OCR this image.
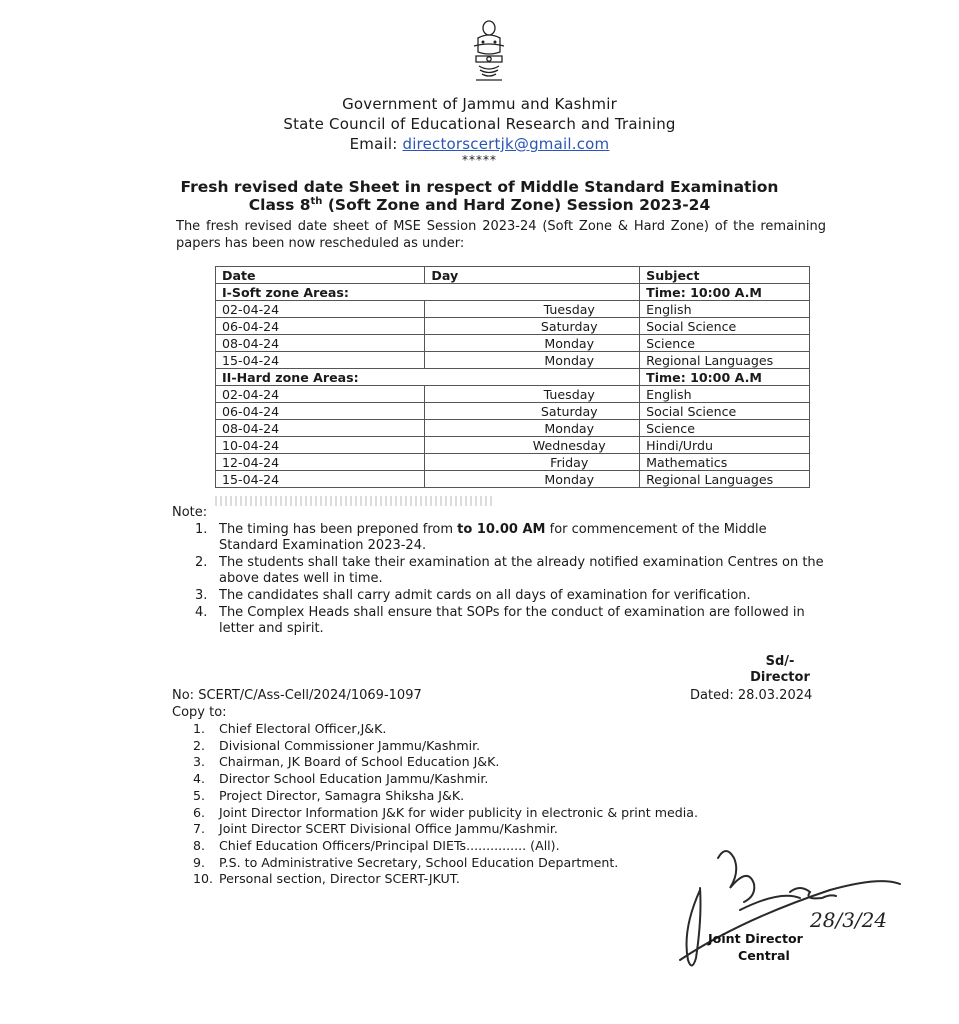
Government of Jammu and Kashmir
State Council of Educational Research and Training
Email: directorscertjk@gmail.com
*****
Fresh revised date Sheet in respect of Middle Standard Examination
Class 8th (Soft Zone and Hard Zone) Session 2023-24
The fresh revised date sheet of MSE Session 2023-24 (Soft Zone & Hard Zone) of the remaining papers has been now rescheduled as under:
Date	Day	Subject
I-Soft zone Areas:		Time: 10:00 A.M
02-04-24	Tuesday	English
06-04-24	Saturday	Social Science
08-04-24	Monday	Science
15-04-24	Monday	Regional Languages
II-Hard zone Areas:		Time: 10:00 A.M
02-04-24	Tuesday	English
06-04-24	Saturday	Social Science
08-04-24	Monday	Science
10-04-24	Wednesday	Hindi/Urdu
12-04-24	Friday	Mathematics
15-04-24	Monday	Regional Languages
Note:
1. The timing has been preponed from to 10.00 AM for commencement of the Middle Standard Examination 2023-24.
2. The students shall take their examination at the already notified examination Centres on the above dates well in time.
3. The candidates shall carry admit cards on all days of examination for verification.
4. The Complex Heads shall ensure that SOPs for the conduct of examination are followed in letter and spirit.
Sd/-
Director
No: SCERT/C/Ass-Cell/2024/1069-1097	Dated: 28.03.2024
Copy to:
1.	Chief Electoral Officer,J&K.
2.	Divisional Commissioner Jammu/Kashmir.
3.	Chairman, JK Board of School Education J&K.
4.	Director School Education Jammu/Kashmir.
5.	Project Director, Samagra Shiksha J&K.
6.	Joint Director Information J&K for wider publicity in electronic & print media.
7.	Joint Director SCERT Divisional Office Jammu/Kashmir.
8.	Chief Education Officers/Principal DIETs............... (All).
9.	P.S. to Administrative Secretary, School Education Department.
10. Personal section, Director SCERT-JKUT.
Joint Director
Central
28/3/24
